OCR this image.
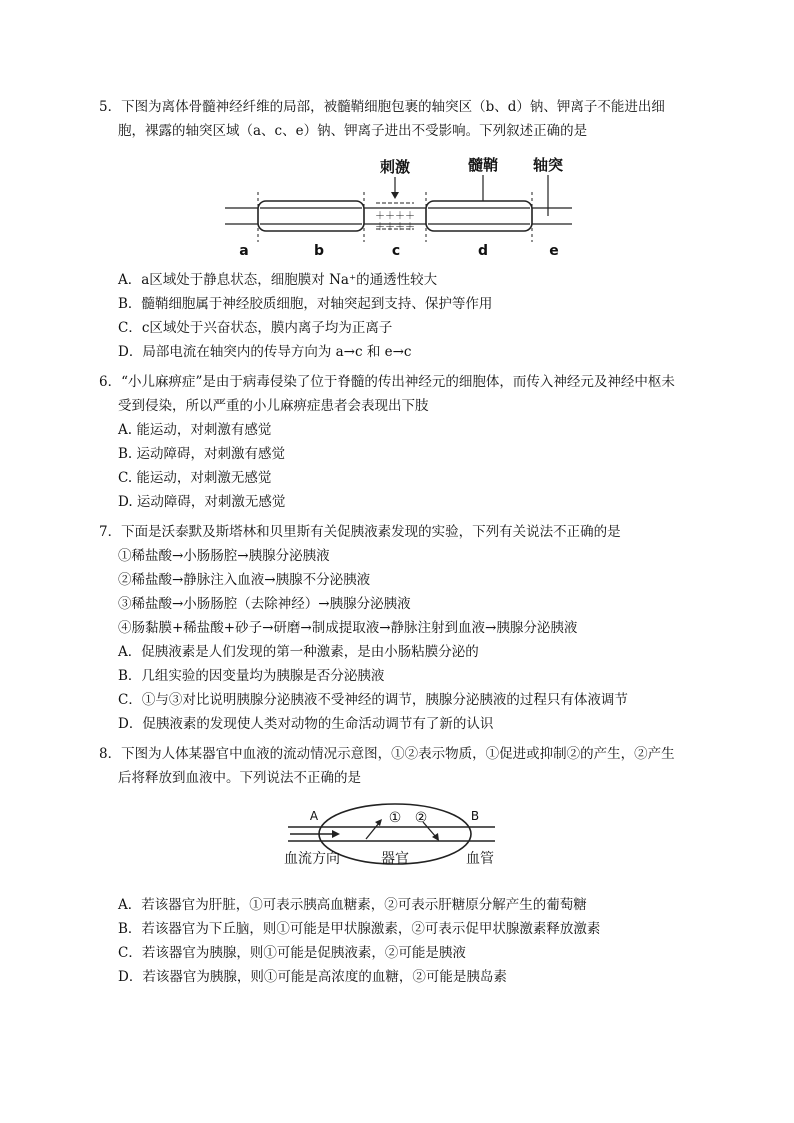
5．下图为离体骨髓神经纤维的局部，被髓鞘细胞包裹的轴突区（b、d）钠、钾离子不能进出细
胞，裸露的轴突区域（a、c、e）钠、钾离子进出不受影响。下列叙述正确的是
＋＋＋＋
＋＋＋＋
刺激	髓鞘 轴突
a	b	c	d	e
A．a区域处于静息状态，细胞膜对 Na⁺的通透性较大
B．髓鞘细胞属于神经胶质细胞，对轴突起到支持、保护等作用
C．c区域处于兴奋状态，膜内离子均为正离子
D．局部电流在轴突内的传导方向为 a→c 和 e→c
6．“小儿麻痹症”是由于病毒侵染了位于脊髓的传出神经元的细胞体，而传入神经元及神经中枢未
受到侵染，所以严重的小儿麻痹症患者会表现出下肢
A. 能运动，对刺激有感觉
B. 运动障碍，对刺激有感觉
C. 能运动，对刺激无感觉
D. 运动障碍，对刺激无感觉
7．下面是沃泰默及斯塔林和贝里斯有关促胰液素发现的实验，下列有关说法不正确的是
①稀盐酸→小肠肠腔→胰腺分泌胰液
②稀盐酸→静脉注入血液→胰腺不分泌胰液
③稀盐酸→小肠肠腔（去除神经）→胰腺分泌胰液
④肠黏膜+稀盐酸+砂子→研磨→制成提取液→静脉注射到血液→胰腺分泌胰液
A．促胰液素是人们发现的第一种激素，是由小肠粘膜分泌的
B．几组实验的因变量均为胰腺是否分泌胰液
C．①与③对比说明胰腺分泌胰液不受神经的调节，胰腺分泌胰液的过程只有体液调节
D．促胰液素的发现使人类对动物的生命活动调节有了新的认识
8．下图为人体某器官中血液的流动情况示意图，①②表示物质，①促进或抑制②的产生，②产生
后将释放到血液中。下列说法不正确的是
A	B
① ②
血流方向	器官	血管
A．若该器官为肝脏，①可表示胰高血糖素，②可表示肝糖原分解产生的葡萄糖
B．若该器官为下丘脑，则①可能是甲状腺激素，②可表示促甲状腺激素释放激素
C．若该器官为胰腺，则①可能是促胰液素，②可能是胰液
D．若该器官为胰腺，则①可能是高浓度的血糖，②可能是胰岛素
